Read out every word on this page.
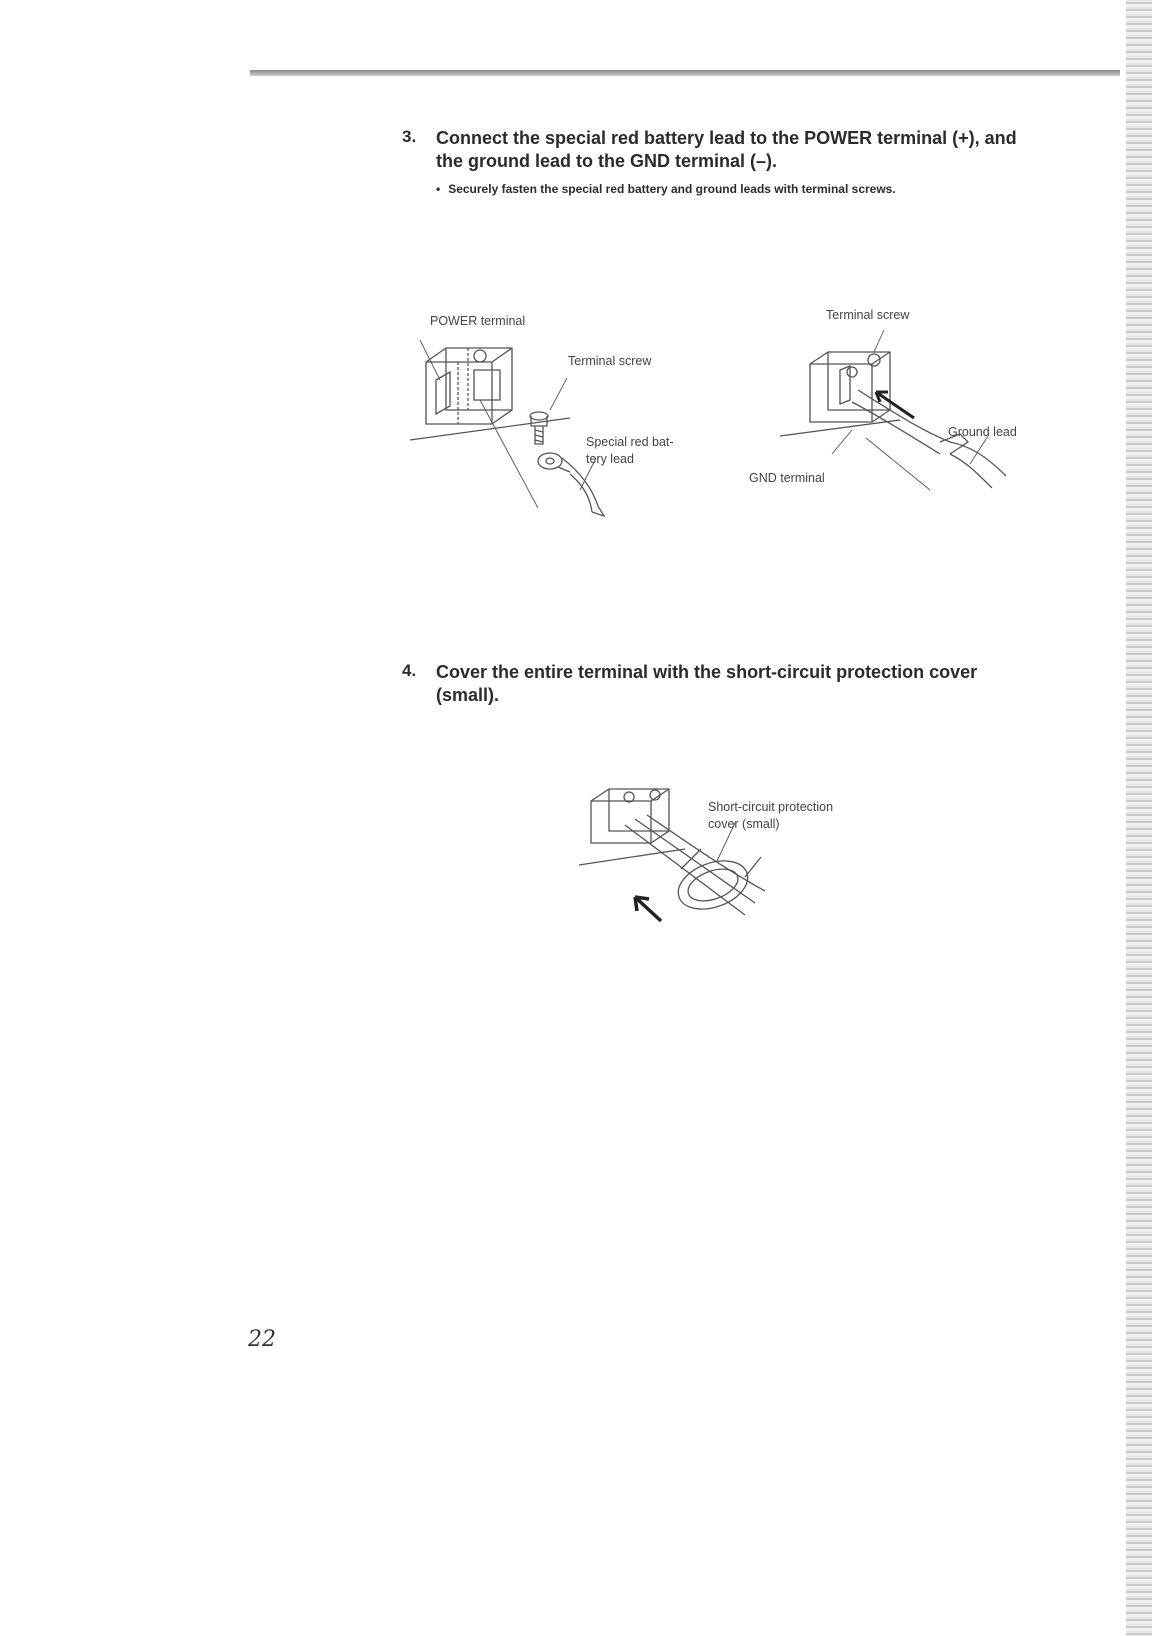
3. Connect the special red battery lead to the POWER terminal (+), and
the ground lead to the GND terminal (–).
• Securely fasten the special red battery and ground leads with terminal screws.
POWER terminal
Terminal screw
Special red bat-
tery lead
Terminal screw
Ground lead
GND terminal
4. Cover the entire terminal with the short-circuit protection cover
(small).
Short-circuit protection
cover (small)
22
